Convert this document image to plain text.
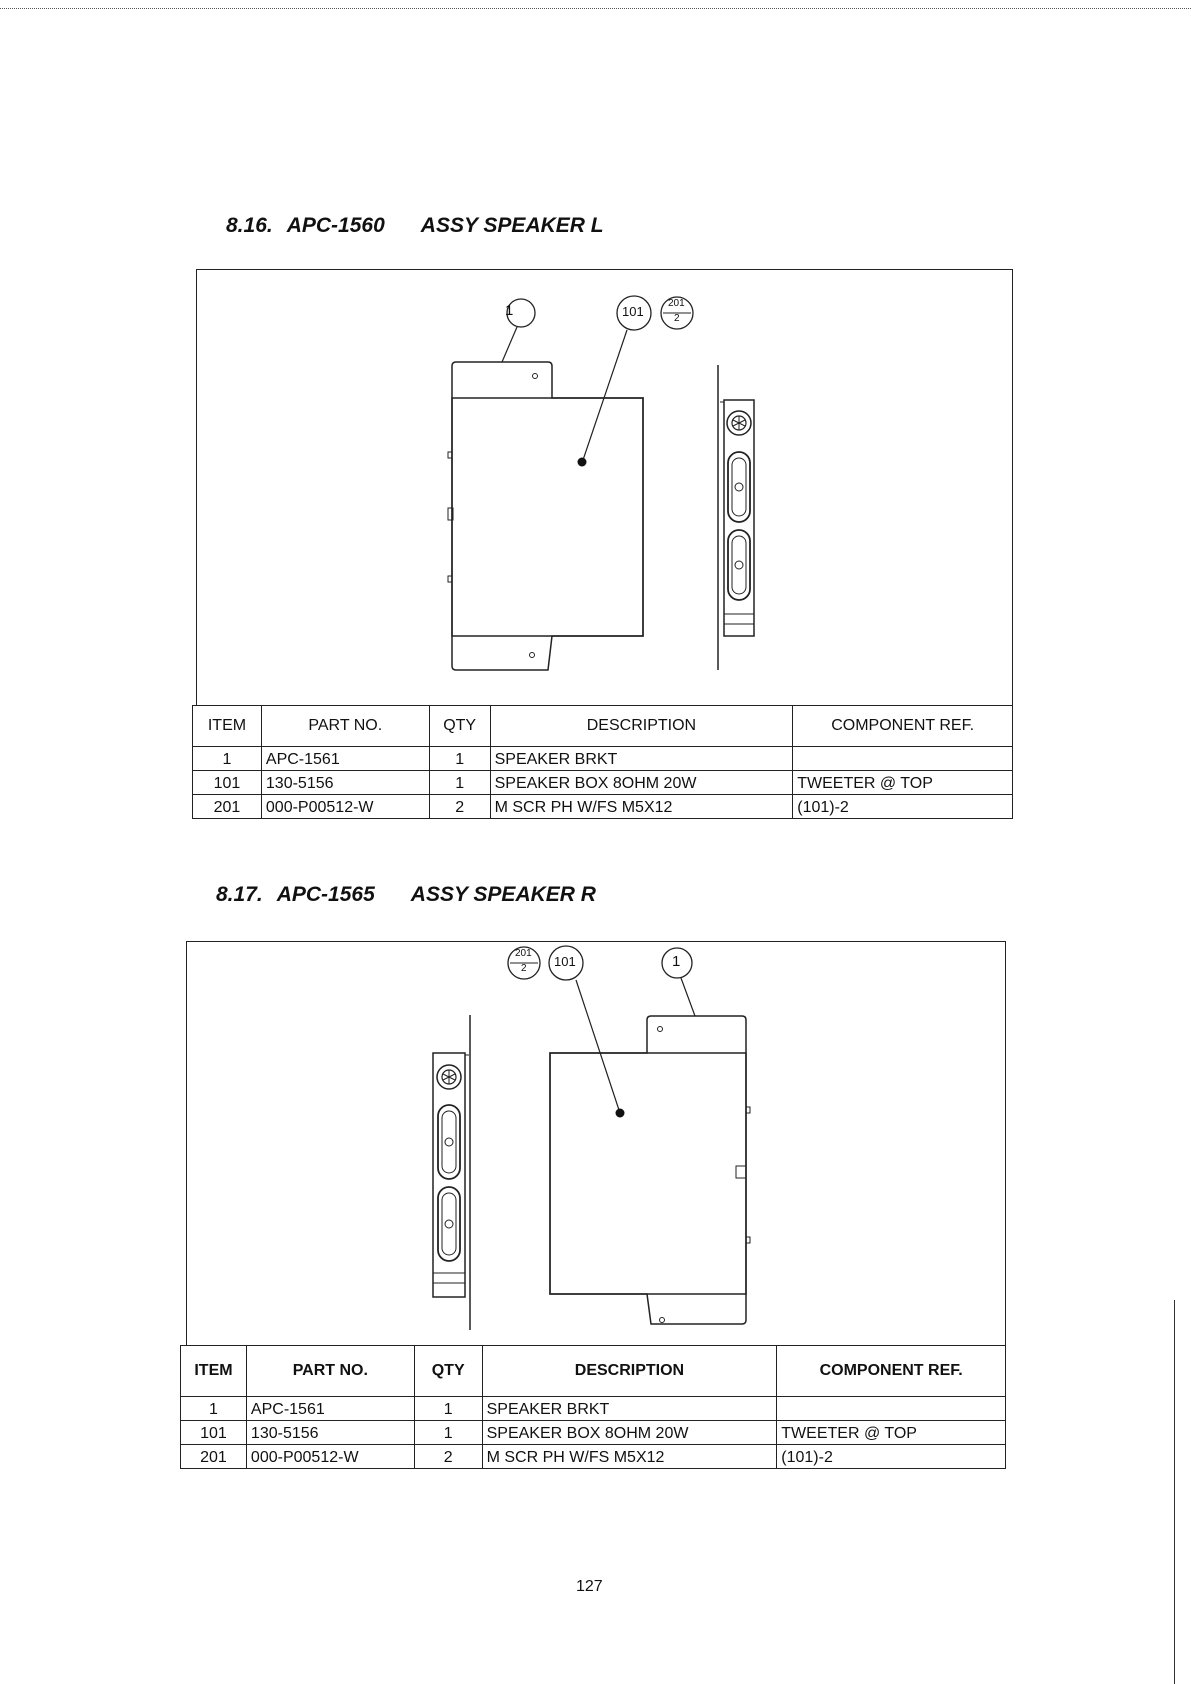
8.16. APC-1560 ASSY SPEAKER L
1	101
201
2
ITEM	PART NO.	QTY	DESCRIPTION	COMPONENT REF.
1	APC-1561	1	SPEAKER BRKT	
101	130-5156	1	SPEAKER BOX 8OHM 20W	TWEETER @ TOP
201	000-P00512-W	2	M SCR PH W/FS M5X12	(101)-2
8.17. APC-1565 ASSY SPEAKER R
1
101
201
2
ITEM	PART NO.	QTY	DESCRIPTION	COMPONENT REF.
1	APC-1561	1	SPEAKER BRKT	
101	130-5156	1	SPEAKER BOX 8OHM 20W	TWEETER @ TOP
201	000-P00512-W	2	M SCR PH W/FS M5X12	(101)-2
127
